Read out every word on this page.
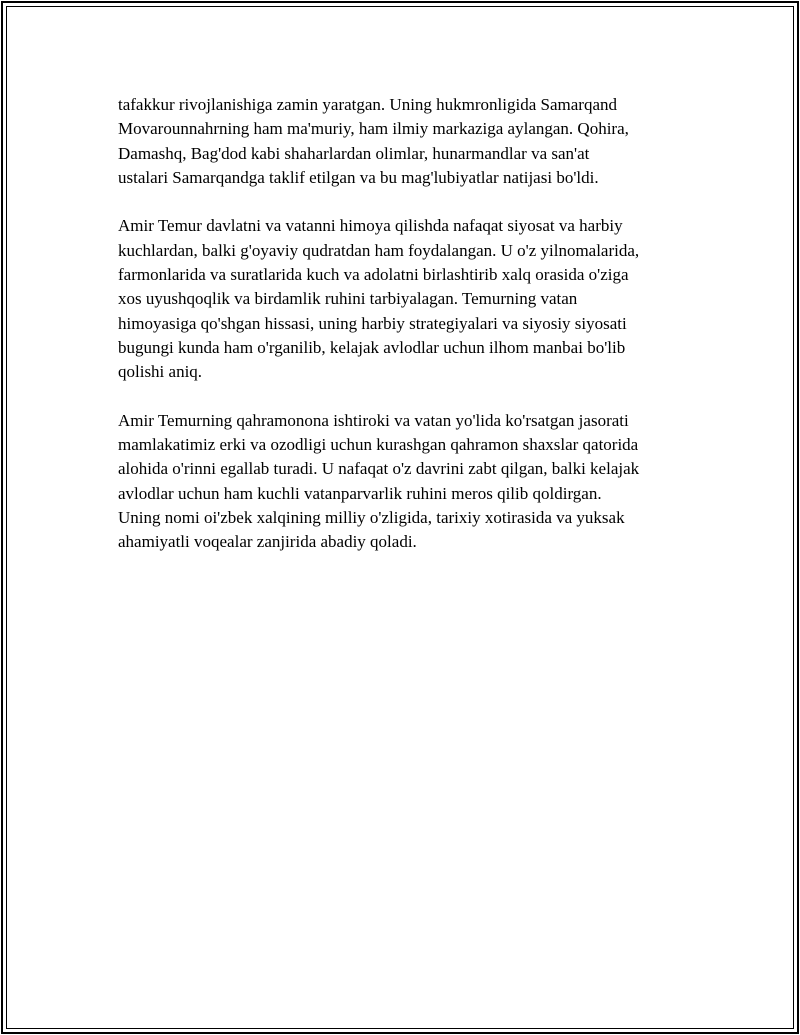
tafakkur rivojlanishiga zamin yaratgan. Uning hukmronligida Samarqand
Movarounnahrning ham ma'muriy, ham ilmiy markaziga aylangan. Qohira,
Damashq, Bag'dod kabi shaharlardan olimlar, hunarmandlar va san'at
ustalari Samarqandga taklif etilgan va bu mag'lubiyatlar natijasi bo'ldi.

Amir Temur davlatni va vatanni himoya qilishda nafaqat siyosat va harbiy
kuchlardan, balki g'oyaviy qudratdan ham foydalangan. U o'z yilnomalarida,
farmonlarida va suratlarida kuch va adolatni birlashtirib xalq orasida o'ziga
xos uyushqoqlik va birdamlik ruhini tarbiyalagan. Temurning vatan
himoyasiga qo'shgan hissasi, uning harbiy strategiyalari va siyosiy siyosati
bugungi kunda ham o'rganilib, kelajak avlodlar uchun ilhom manbai bo'lib
qolishi aniq.

Amir Temurning qahramonona ishtiroki va vatan yo'lida ko'rsatgan jasorati
mamlakatimiz erki va ozodligi uchun kurashgan qahramon shaxslar qatorida
alohida o'rinni egallab turadi. U nafaqat o'z davrini zabt qilgan, balki kelajak
avlodlar uchun ham kuchli vatanparvarlik ruhini meros qilib qoldirgan.
Uning nomi oi'zbek xalqining milliy o'zligida, tarixiy xotirasida va yuksak
ahamiyatli voqealar zanjirida abadiy qoladi.
